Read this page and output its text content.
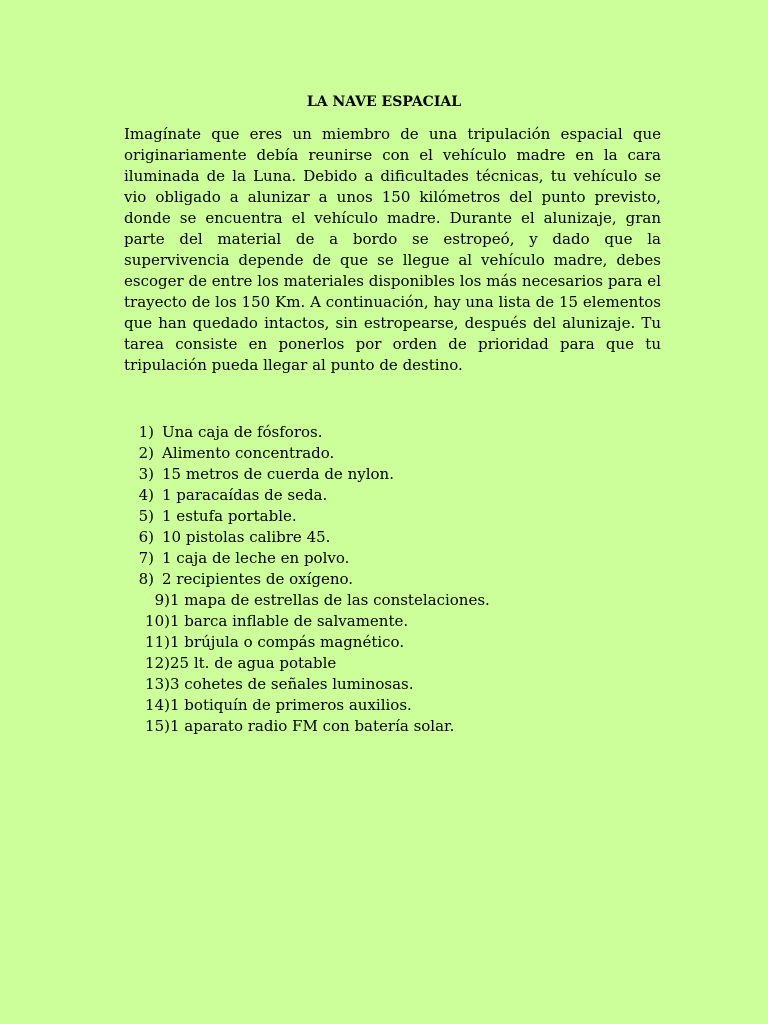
LA NAVE ESPACIAL

Imagínate que eres un miembro de una tripulación espacial que originariamente debía reunirse con el vehículo madre en la cara iluminada de la Luna. Debido a dificultades técnicas, tu vehículo se vio obligado a alunizar a unos 150 kilómetros del punto previsto, donde se encuentra el vehículo madre. Durante el alunizaje, gran parte del material de a bordo se estropeó, y dado que la supervivencia depende de que se llegue al vehículo madre, debes escoger de entre los materiales disponibles los más necesarios para el trayecto de los 150 Km. A continuación, hay una lista de 15 elementos que han quedado intactos, sin estropearse, después del alunizaje. Tu tarea consiste en ponerlos por orden de prioridad para que tu tripulación pueda llegar al punto de destino.

1) Una caja de fósforos.
2) Alimento concentrado.
3) 15 metros de cuerda de nylon.
4) 1 paracaídas de seda.
5) 1 estufa portable.
6) 10 pistolas calibre 45.
7) 1 caja de leche en polvo.
8) 2 recipientes de oxígeno.
9) 1 mapa de estrellas de las constelaciones.
10) 1 barca inflable de salvamente.
11) 1 brújula o compás magnético.
12) 25 lt. de agua potable
13) 3 cohetes de señales luminosas.
14) 1 botiquín de primeros auxilios.
15) 1 aparato radio FM con batería solar.
